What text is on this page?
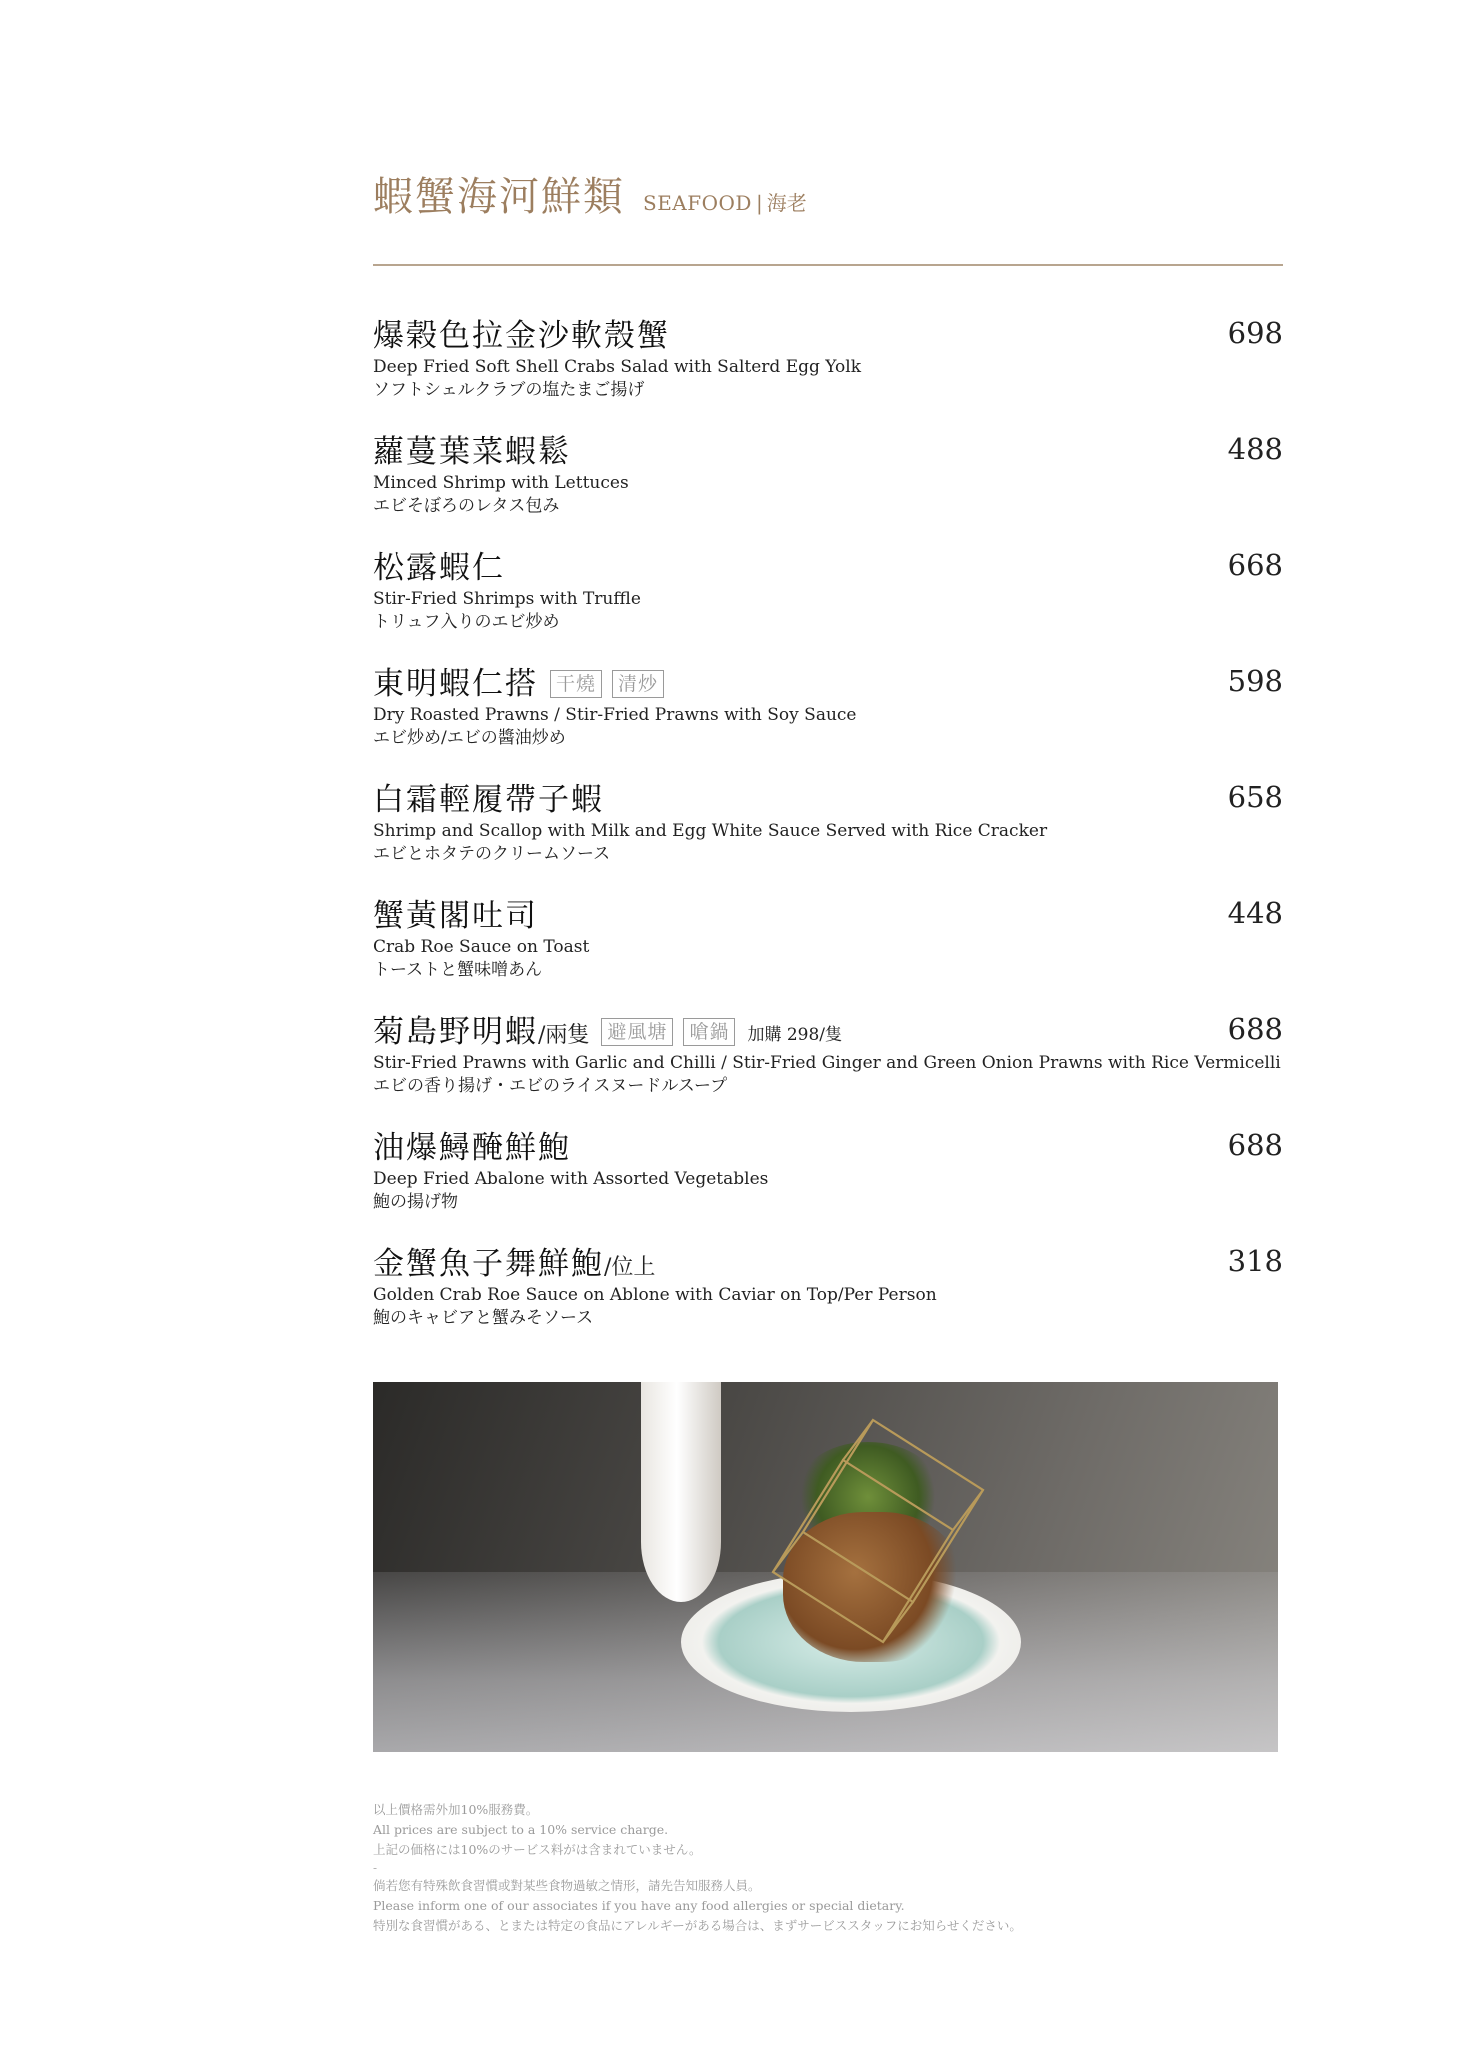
蝦蟹海河鮮類 SEAFOOD | 海老
爆榖色拉金沙軟殼蟹
Deep Fried Soft Shell Crabs Salad with Salterd Egg Yolk
ソフトシェルクラブの塩たまご揚げ
698
蘿蔓葉菜蝦鬆
Minced Shrimp with Lettuces
エビそぼろのレタス包み
488
松露蝦仁
Stir-Fried Shrimps with Truffle
トリュフ入りのエビ炒め
668
東明蝦仁搭 干燒 清炒
Dry Roasted Prawns / Stir-Fried Prawns with Soy Sauce
エビ炒め/エビの醬油炒め
598
白霜輕履帶子蝦
Shrimp and Scallop with Milk and Egg White Sauce Served with Rice Cracker
エビとホタテのクリームソース
658
蟹黃閣吐司
Crab Roe Sauce on Toast
トーストと蟹味噌あん
448
菊島野明蝦/兩隻 避風塘 嗆鍋 加購 298/隻
Stir-Fried Prawns with Garlic and Chilli / Stir-Fried Ginger and Green Onion Prawns with Rice Vermicelli
エビの香り揚げ・エビのライスヌードルスープ
688
油爆鱘醃鮮鮑
Deep Fried Abalone with Assorted Vegetables
鮑の揚げ物
688
金蟹魚子舞鮮鮑/位上
Golden Crab Roe Sauce on Ablone with Caviar on Top/Per Person
鮑のキャビアと蟹みそソース
318
以上價格需外加10%服務費。
All prices are subject to a 10% service charge.
上記の価格には10%のサービス料がは含まれていません。
-
倘若您有特殊飲食習慣或對某些食物過敏之情形，請先告知服務人員。
Please inform one of our associates if you have any food allergies or special dietary.
特別な食習慣がある、とまたは特定の食品にアレルギーがある場合は、まずサービススタッフにお知らせください。
